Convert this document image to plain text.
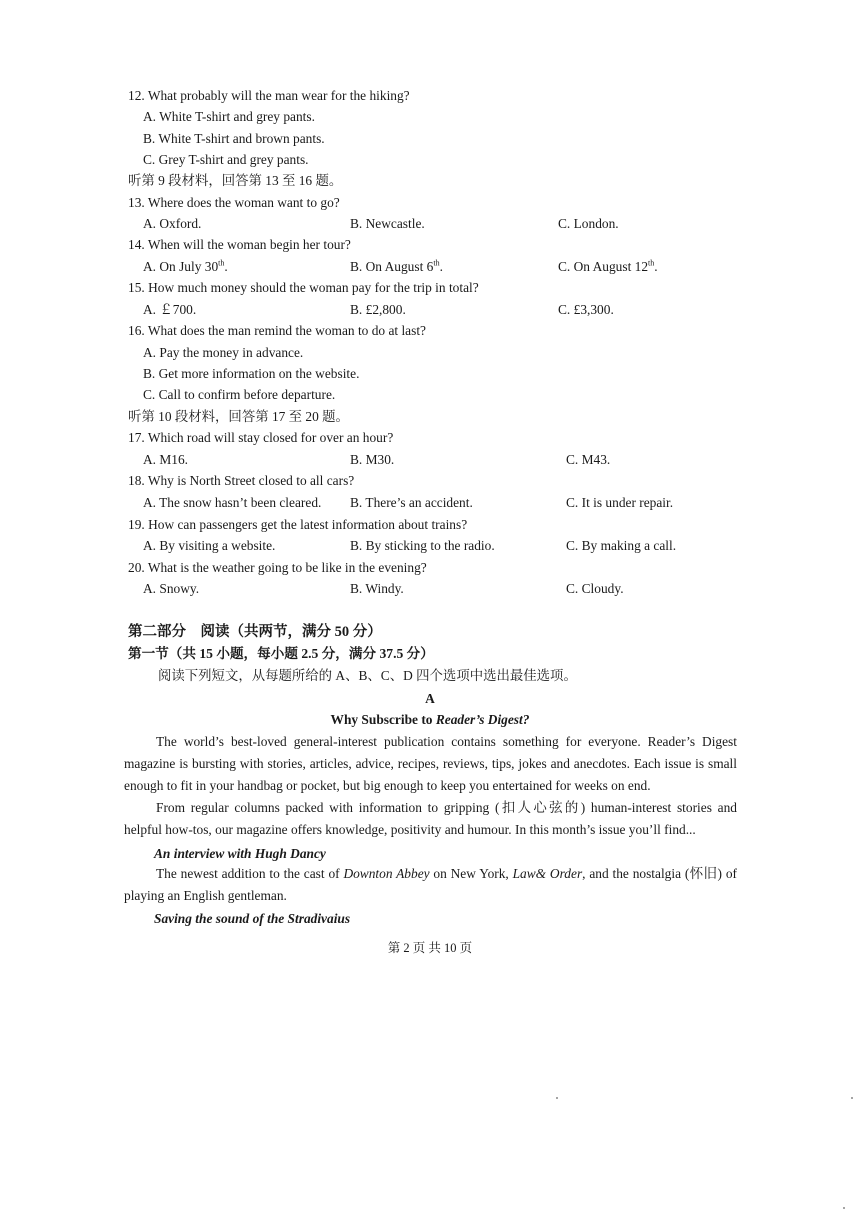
12. What probably will the man wear for the hiking?
A. White T-shirt and grey pants.
B. White T-shirt and brown pants.
C. Grey T-shirt and grey pants.
听第 9 段材料，回答第 13 至 16 题。
13. Where does the woman want to go?
A. Oxford.	B. Newcastle.	C. London.
14. When will the woman begin her tour?
A. On July 30th.	B. On August 6th.	C. On August 12th.
15. How much money should the woman pay for the trip in total?
A. ￡700.	B. £2,800.	C. £3,300.
16. What does the man remind the woman to do at last?
A. Pay the money in advance.
B. Get more information on the website.
C. Call to confirm before departure.
听第 10 段材料，回答第 17 至 20 题。
17. Which road will stay closed for over an hour?
A. M16.	B. M30.	C. M43.
18. Why is North Street closed to all cars?
A. The snow hasn’t been cleared. B. There’s an accident.	C. It is under repair.
19. How can passengers get the latest information about trains?
A. By visiting a website.	B. By sticking to the radio.	C. By making a call.
20. What is the weather going to be like in the evening?
A. Snowy.	B. Windy.	C. Cloudy.
第二部分　阅读（共两节，满分 50 分）
第一节（共 15 小题，每小题 2.5 分，满分 37.5 分）
阅读下列短文，从每题所给的 A、B、C、D 四个选项中选出最佳选项。
A
Why Subscribe to Reader’s Digest?
The world’s best-loved general-interest publication contains something for everyone. Reader’s Digest magazine is bursting with stories, articles, advice, recipes, reviews, tips, jokes and anecdotes. Each issue is small enough to fit in your handbag or pocket, but big enough to keep you entertained for weeks on end.
From regular columns packed with information to gripping (扣人心弦的) human-interest stories and helpful how-tos, our magazine offers knowledge, positivity and humour. In this month’s issue you’ll find...
An interview with Hugh Dancy
The newest addition to the cast of Downton Abbey on New York, Law& Order, and the nostalgia (怀旧) of playing an English gentleman.
Saving the sound of the Stradivaius
第 2 页 共 10 页
